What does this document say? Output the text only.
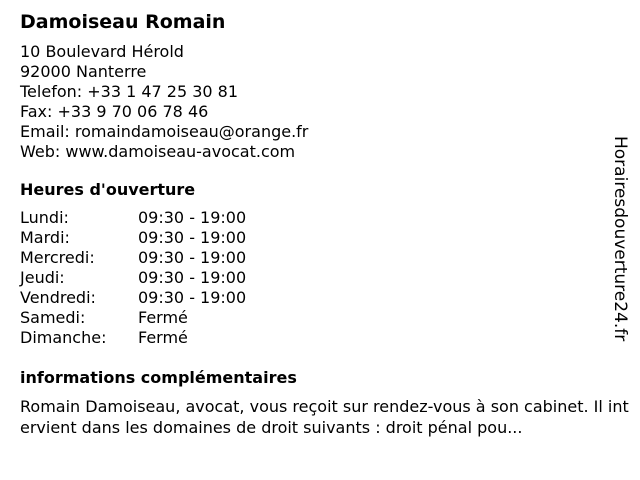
Damoiseau Romain
10 Boulevard Hérold
92000 Nanterre
Telefon: +33 1 47 25 30 81
Fax: +33 9 70 06 78 46
Email: romaindamoiseau@orange.fr
Web: www.damoiseau-avocat.com
Heures d'ouverture
Lundi:	09:30 - 19:00
Mardi:	09:30 - 19:00
Mercredi:	09:30 - 19:00
Jeudi:	09:30 - 19:00
Vendredi:	09:30 - 19:00
Samedi:	Fermé
Dimanche:	Fermé
informations complémentaires
Romain Damoiseau, avocat, vous reçoit sur rendez-vous à son cabinet. Il intervient dans les domaines de droit suivants : droit pénal pou...
Horairesdouverture24.fr
